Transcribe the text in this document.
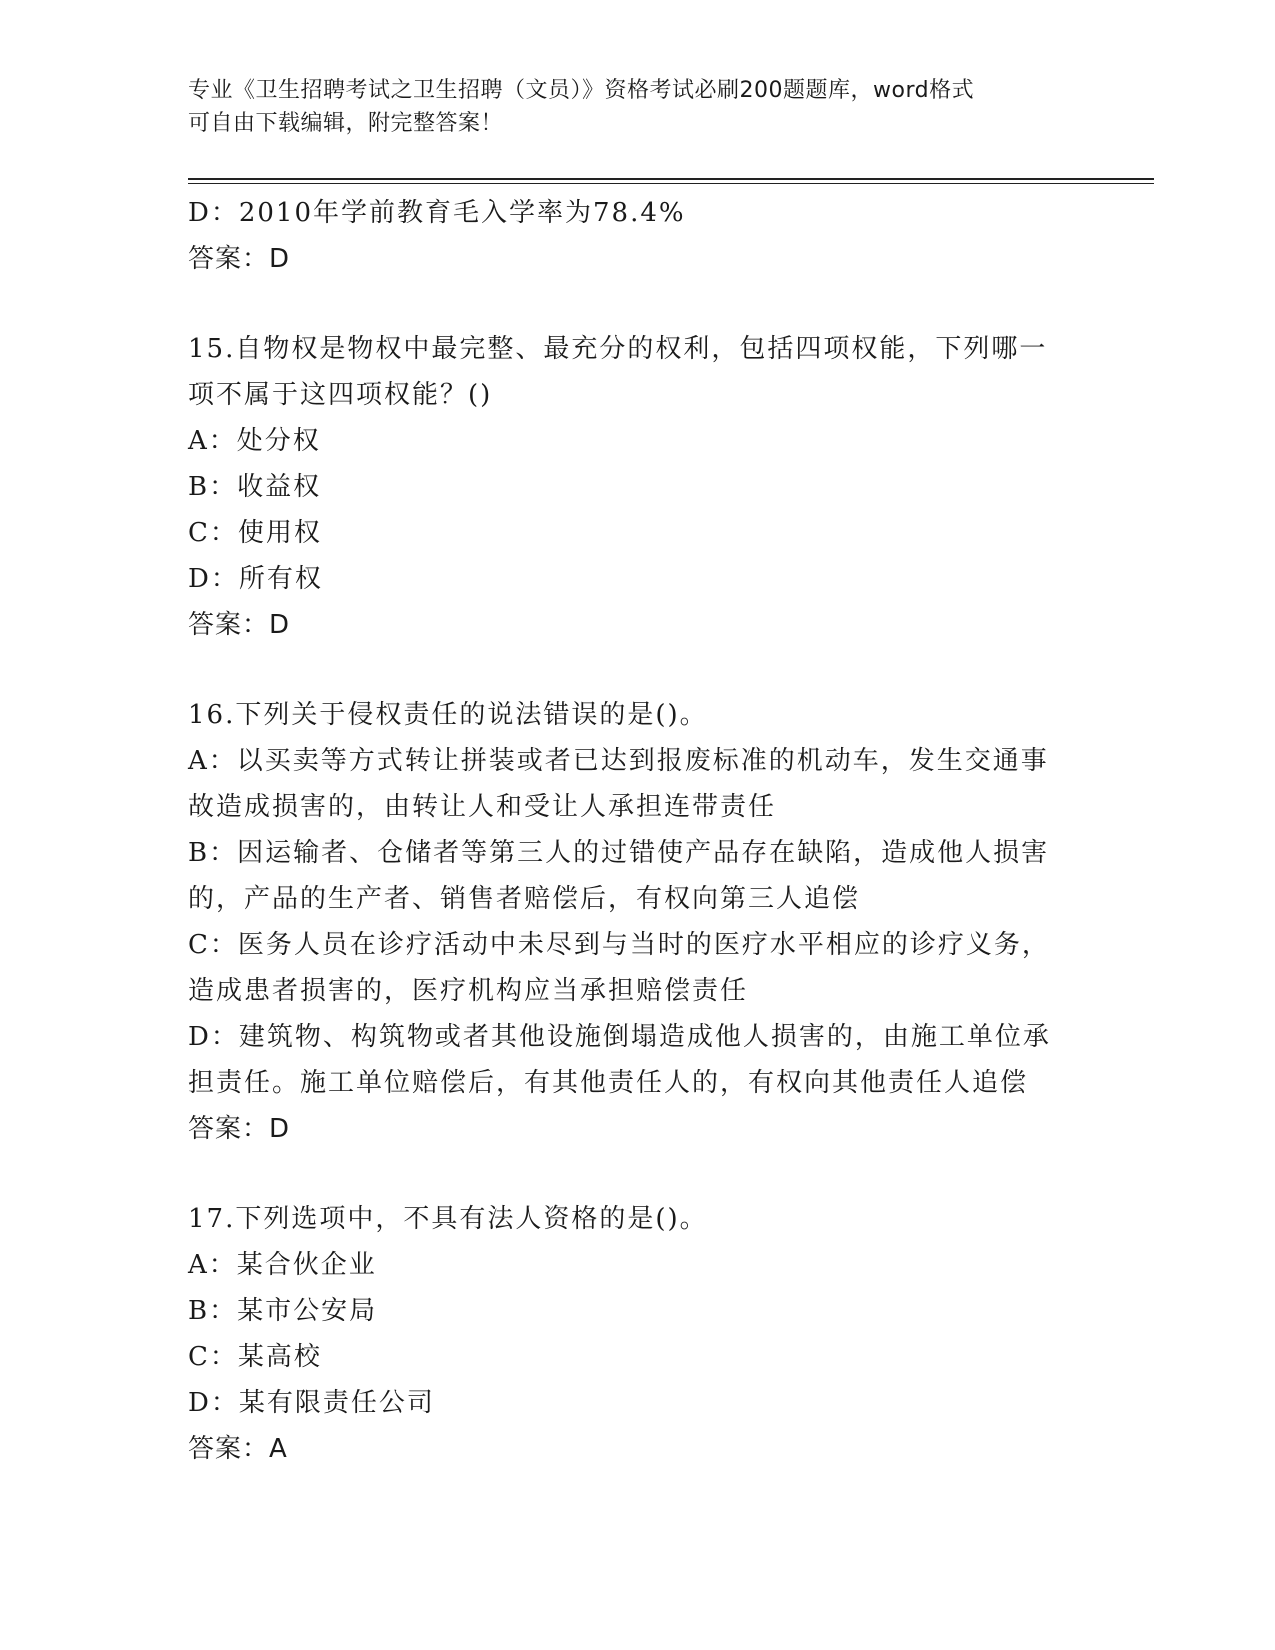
专业《卫生招聘考试之卫生招聘（文员）》资格考试必刷200题题库，word格式
可自由下载编辑，附完整答案！
D：2010年学前教育毛入学率为78.4%
答案：D
15.自物权是物权中最完整、最充分的权利，包括四项权能，下列哪一
项不属于这四项权能？()
A：处分权
B：收益权
C：使用权
D：所有权
答案：D
16.下列关于侵权责任的说法错误的是()。
A：以买卖等方式转让拼装或者已达到报废标准的机动车，发生交通事
故造成损害的，由转让人和受让人承担连带责任
B：因运输者、仓储者等第三人的过错使产品存在缺陷，造成他人损害
的，产品的生产者、销售者赔偿后，有权向第三人追偿
C：医务人员在诊疗活动中未尽到与当时的医疗水平相应的诊疗义务，
造成患者损害的，医疗机构应当承担赔偿责任
D：建筑物、构筑物或者其他设施倒塌造成他人损害的，由施工单位承
担责任。施工单位赔偿后，有其他责任人的，有权向其他责任人追偿
答案：D
17.下列选项中，不具有法人资格的是()。
A：某合伙企业
B：某市公安局
C：某高校
D：某有限责任公司
答案：A
